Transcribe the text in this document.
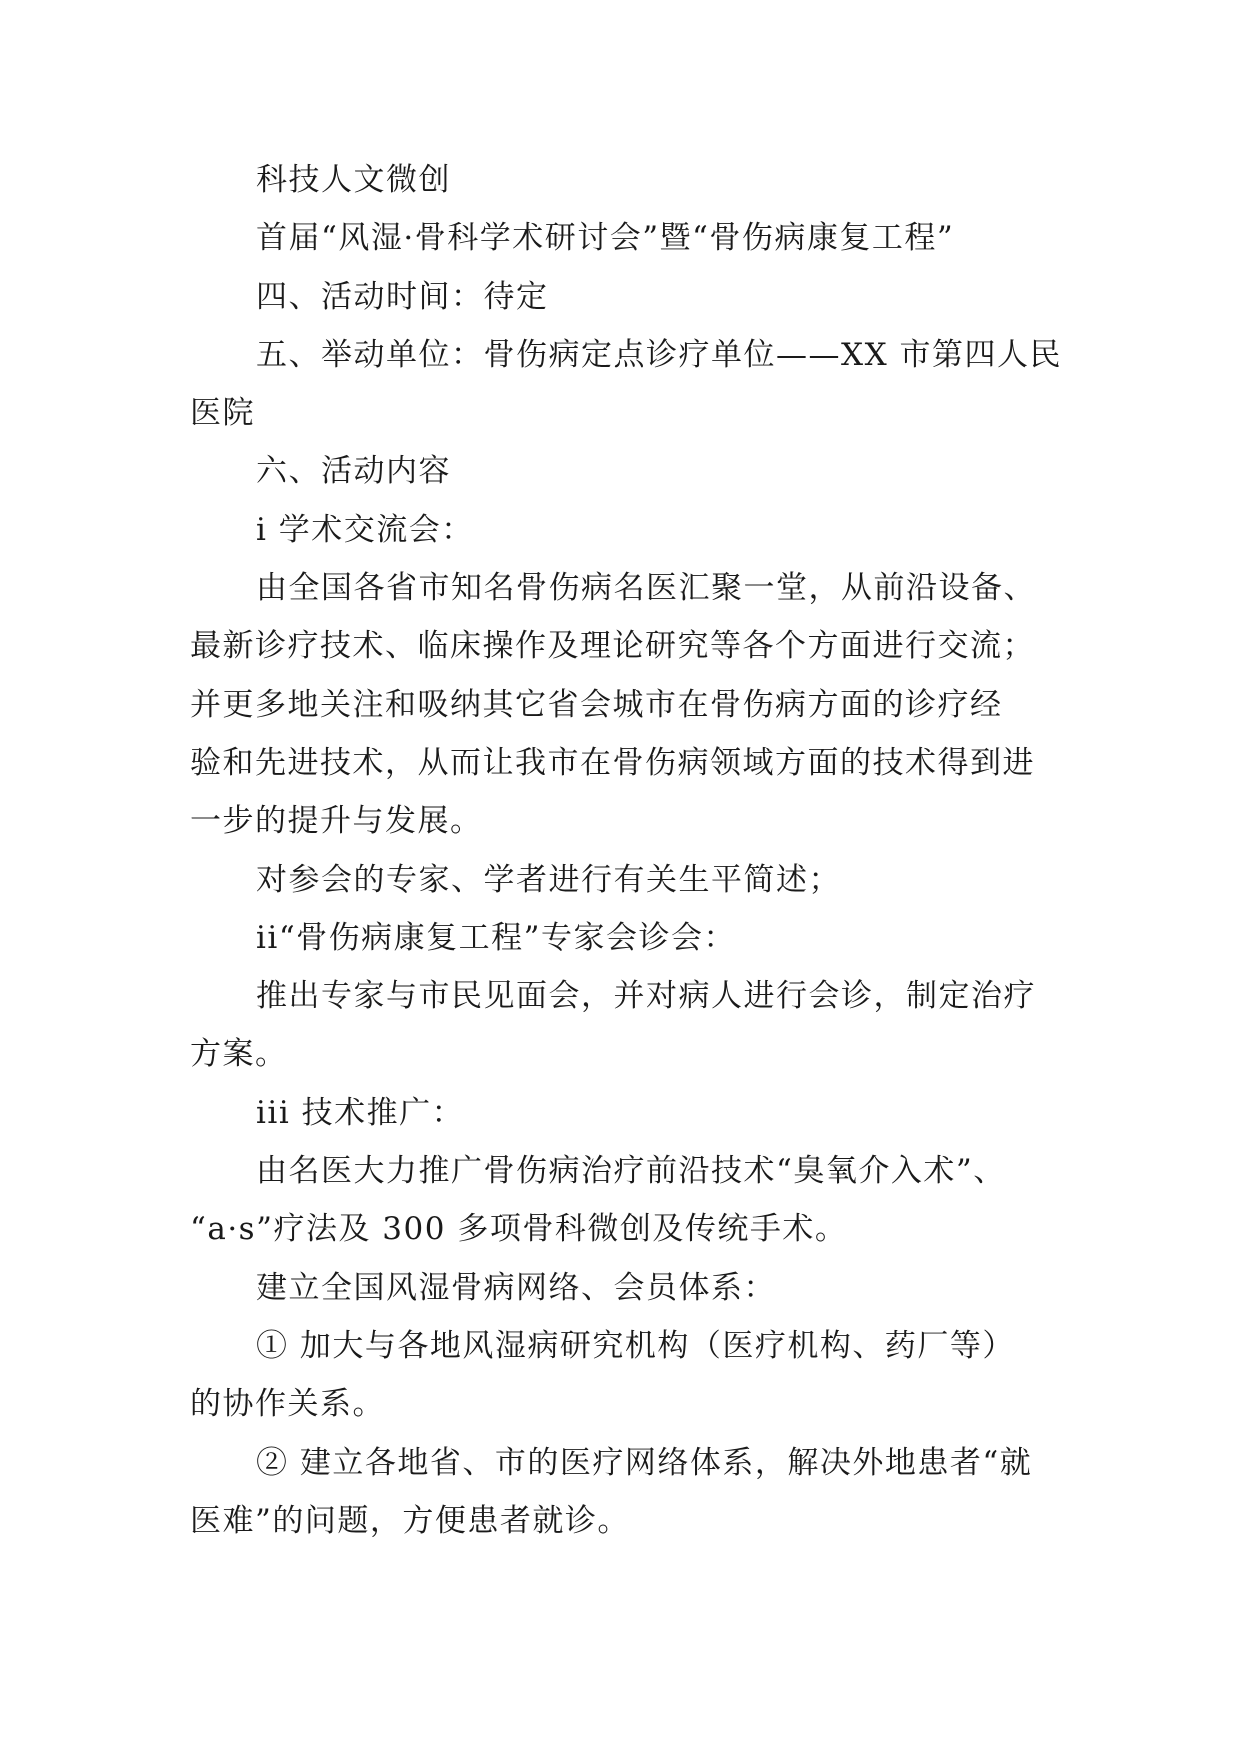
科技人文微创
首届“风湿·骨科学术研讨会”暨“骨伤病康复工程”
四、活动时间：待定
五、举动单位：骨伤病定点诊疗单位——XX 市第四人民
医院
六、活动内容
i 学术交流会：
由全国各省市知名骨伤病名医汇聚一堂，从前沿设备、
最新诊疗技术、临床操作及理论研究等各个方面进行交流；
并更多地关注和吸纳其它省会城市在骨伤病方面的诊疗经
验和先进技术，从而让我市在骨伤病领域方面的技术得到进
一步的提升与发展。
对参会的专家、学者进行有关生平简述；
ii“骨伤病康复工程”专家会诊会：
推出专家与市民见面会，并对病人进行会诊，制定治疗
方案。
iii 技术推广：
由名医大力推广骨伤病治疗前沿技术“臭氧介入术”、
“a·s”疗法及 300 多项骨科微创及传统手术。
建立全国风湿骨病网络、会员体系：
① 加大与各地风湿病研究机构（医疗机构、药厂等）
的协作关系。
② 建立各地省、市的医疗网络体系，解决外地患者“就
医难”的问题，方便患者就诊。
